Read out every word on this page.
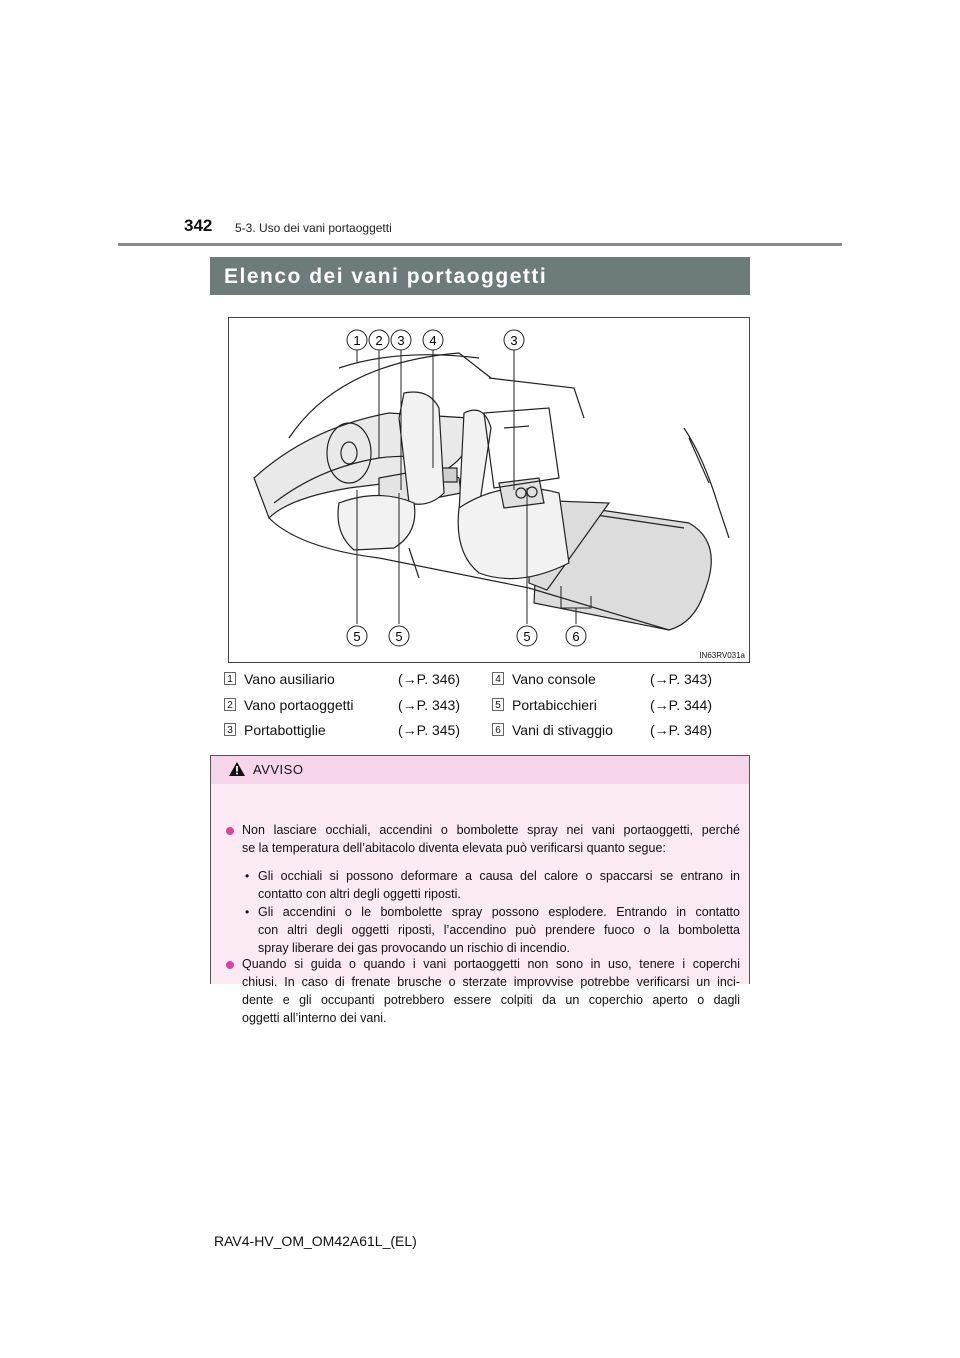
342 5-3. Uso dei vani portaoggetti
Elenco dei vani portaoggetti
1 2 3 4	3
5	5	5	6
IN63RV031a
1 Vano ausiliario	(→P. 346)
2 Vano portaoggetti	(→P. 343)
3 Portabottiglie	(→P. 345)
4 Vano console	(→P. 343)
5 Portabicchieri	(→P. 344)
6 Vani di stivaggio	(→P. 348)
AVVISO
Non lasciare occhiali, accendini o bombolette spray nei vani portaoggetti, perché
se la temperatura dell’abitacolo diventa elevata può verificarsi quanto segue:
• Gli occhiali si possono deformare a causa del calore o spaccarsi se entrano in
contatto con altri degli oggetti riposti.
• Gli accendini o le bombolette spray possono esplodere. Entrando in contatto
con altri degli oggetti riposti, l’accendino può prendere fuoco o la bomboletta
spray liberare dei gas provocando un rischio di incendio.
Quando si guida o quando i vani portaoggetti non sono in uso, tenere i coperchi
chiusi. In caso di frenate brusche o sterzate improvvise potrebbe verificarsi un inci-
dente e gli occupanti potrebbero essere colpiti da un coperchio aperto o dagli
oggetti all’interno dei vani.
RAV4-HV_OM_OM42A61L_(EL)
